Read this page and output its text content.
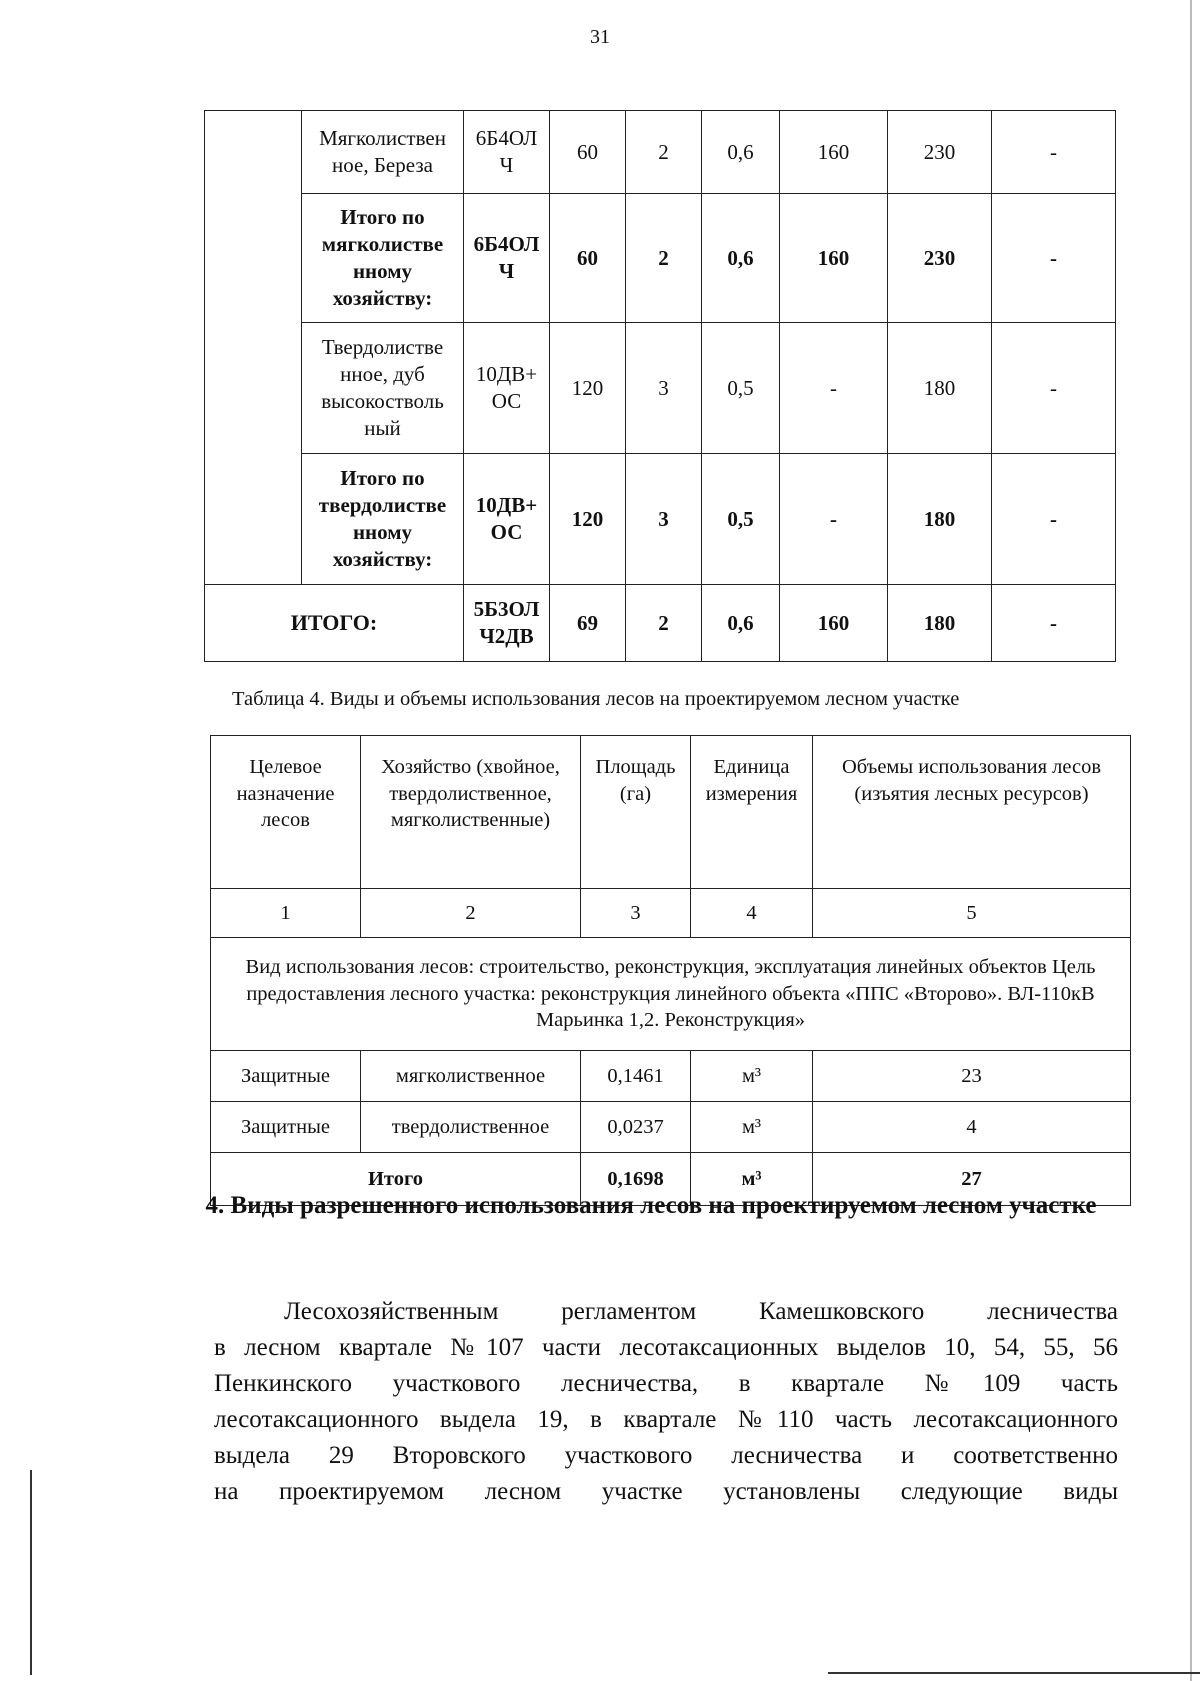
31
	Мягколиствен ное, Береза	6Б4ОЛ Ч	60	2	0,6	160	230	-
	Итого по мягколистве нному хозяйству:	6Б4ОЛ Ч	60	2	0,6	160	230	-
	Твердолистве нное, дуб высокостволь ный	10ДВ+ ОС	120	3	0,5	-	180	-
	Итого по твердолистве нному хозяйству:	10ДВ+ ОС	120	3	0,5	-	180	-
ИТОГО:		5Б3ОЛ Ч2ДВ	69	2	0,6	160	180	-
Таблица 4. Виды и объемы использования лесов на проектируемом лесном участке
Целевое назначение лесов	Хозяйство (хвойное, твердолиственное, мягколиственные)	Площадь (га)	Единица измерения	Объемы использования лесов (изъятия лесных ресурсов)
1	2	3	4	5
Вид использования лесов: строительство, реконструкция, эксплуатация линейных объектов Цель предоставления лесного участка: реконструкция линейного объекта «ППС «Второво». ВЛ-110кВ Марьинка 1,2. Реконструкция»				
Защитные	мягколиственное	0,1461	м³	23
Защитные	твердолиственное	0,0237	м³	4
Итого		0,1698	м³	27
4. Виды разрешенного использования лесов на проектируемом лесном участке
Лесохозяйственным регламентом Камешковского лесничества
в лесном квартале №107 части лесотаксационных выделов 10, 54, 55, 56
Пенкинского участкового лесничества, в квартале №109 часть
лесотаксационного выдела 19, в квартале №110 часть лесотаксационного
выдела 29 Второвского участкового лесничества и соответственно
на проектируемом лесном участке установлены следующие виды
